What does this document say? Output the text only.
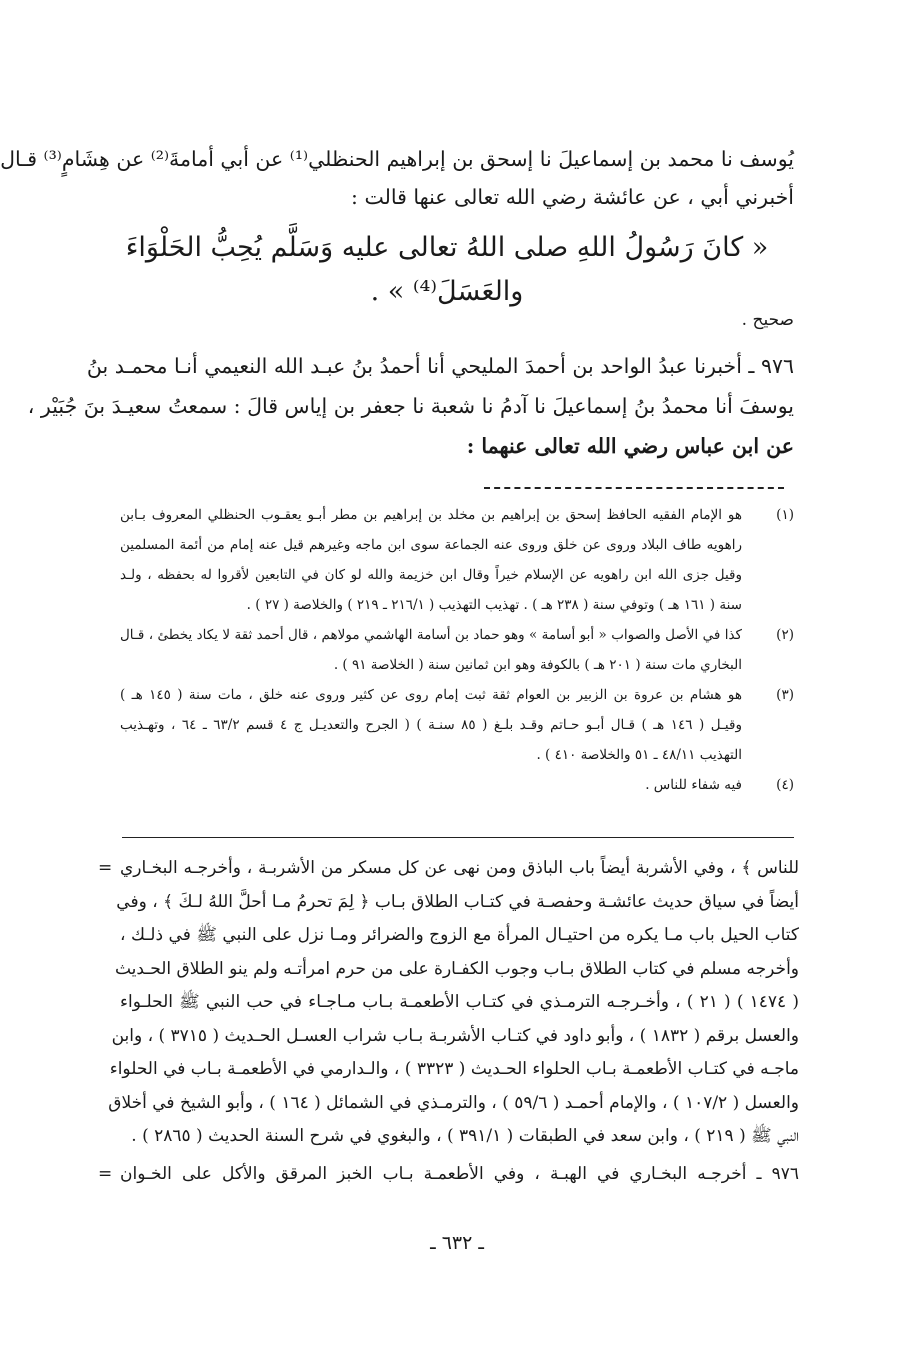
يُوسف نا محمد بن إسماعيلَ نا إسحق بن إبراهيم الحنظلي⁽¹⁾ عن أبي أمامةَ⁽²⁾ عن هِشَامٍ⁽³⁾ قـال
أخبرني أبي ، عن عائشة رضي الله تعالى عنها قالت :
« كانَ رَسُولُ اللهِ صلى اللهُ تعالى عليه وَسَلَّم يُحِبُّ الحَلْوَاءَ والعَسَلَ⁽⁴⁾ » .
صحيح .
٩٧٦ ـ أخبرنا عبدُ الواحد بن أحمدَ المليحي أنا أحمدُ بنُ عبـد الله النعيمي أنـا محمـد بنُ
يوسفَ أنا محمدُ بنُ إسماعيلَ نا آدمُ نا شعبة نا جعفر بن إياس قالَ : سمعتُ سعيـدَ بنَ جُبَيْر ،
عن ابن عباس رضي الله تعالى عنهما :
(١)
هو الإمام الفقيه الحافظ إسحق بن إبراهيم بن مخلد بن إبراهيم بن مطر أبـو يعقـوب الحنظلي المعروف بـابن
راهويه طاف البلاد وروى عن خلق وروى عنه الجماعة سوى ابن ماجه وغيرهم قيل عنه إمام من أئمة المسلمين
وقيل جزى الله ابن راهويه عن الإسلام خيراً وقال ابن خزيمة والله لو كان في التابعين لأقروا له بحفظه ، ولـد
سنة ( ١٦١ هـ ) وتوفي سنة ( ٢٣٨ هـ ) . تهذيب التهذيب ( ٢١٦/١ ـ ٢١٩ ) والخلاصة ( ٢٧ ) .
(٢)
كذا في الأصل والصواب « أبو أسامة » وهو حماد بن أسامة الهاشمي مولاهم ، قال أحمد ثقة لا يكاد يخطئ ، قـال
البخاري مات سنة ( ٢٠١ هـ ) بالكوفة وهو ابن ثمانين سنة ( الخلاصة ٩١ ) .
(٣)
هو هشام بن عروة بن الزبير بن العوام ثقة ثبت إمام روى عن كثير وروى عنه خلق ، مات سنة ( ١٤٥ هـ )
وقيـل ( ١٤٦ هـ ) قـال أبـو حـاتم وقـد بلـغ ( ٨٥ سنـة ) ( الجرح والتعديـل ج ٤ قسم ٦٣/٢ ـ ٦٤ ، وتهـذيب
التهذيب ٤٨/١١ ـ ٥١ والخلاصة ٤١٠ ) .
(٤)
فيه شفاء للناس .
= للناس ﴾ ، وفي الأشربة أيضاً باب الباذق ومن نهى عن كل مسكر من الأشربـة ، وأخرجـه البخـاري
أيضاً في سياق حديث عائشـة وحفصـة في كتـاب الطلاق بـاب ﴿ لِمَ تحرمُ مـا أحلَّ اللهُ لـكَ ﴾ ، وفي
كتاب الحيل باب مـا يكره من احتيـال المرأة مع الزوج والضرائر ومـا نزل على النبي ﷺ في ذلـك ،
وأخرجه مسلم في كتاب الطلاق بـاب وجوب الكفـارة على من حرم امرأتـه ولم ينو الطلاق الحـديث
( ١٤٧٤ ) ( ٢١ ) ، وأخـرجـه الترمـذي في كتـاب الأطعمـة بـاب مـاجـاء في حب النبي ﷺ الحلـواء
والعسل برقم ( ١٨٣٢ ) ، وأبو داود في كتـاب الأشربـة بـاب شراب العسـل الحـديث ( ٣٧١٥ ) ، وابن
ماجـه في كتـاب الأطعمـة بـاب الحلواء الحـديث ( ٣٣٢٣ ) ، والـدارمي في الأطعمـة بـاب في الحلواء
والعسل ( ١٠٧/٢ ) ، والإمام أحمـد ( ٥٩/٦ ) ، والترمـذي في الشمائل ( ١٦٤ ) ، وأبو الشيخ في أخلاق
النبي ﷺ ( ٢١٩ ) ، وابن سعد في الطبقات ( ٣٩١/١ ) ، والبغوي في شرح السنة الحديث ( ٢٨٦٥ ) .
= ٩٧٦ ـ أخرجـه البخـاري في الهبـة ، وفي الأطعمـة بـاب الخبز المرقق والأكل على الخـوان
ـ ٦٣٢ ـ
